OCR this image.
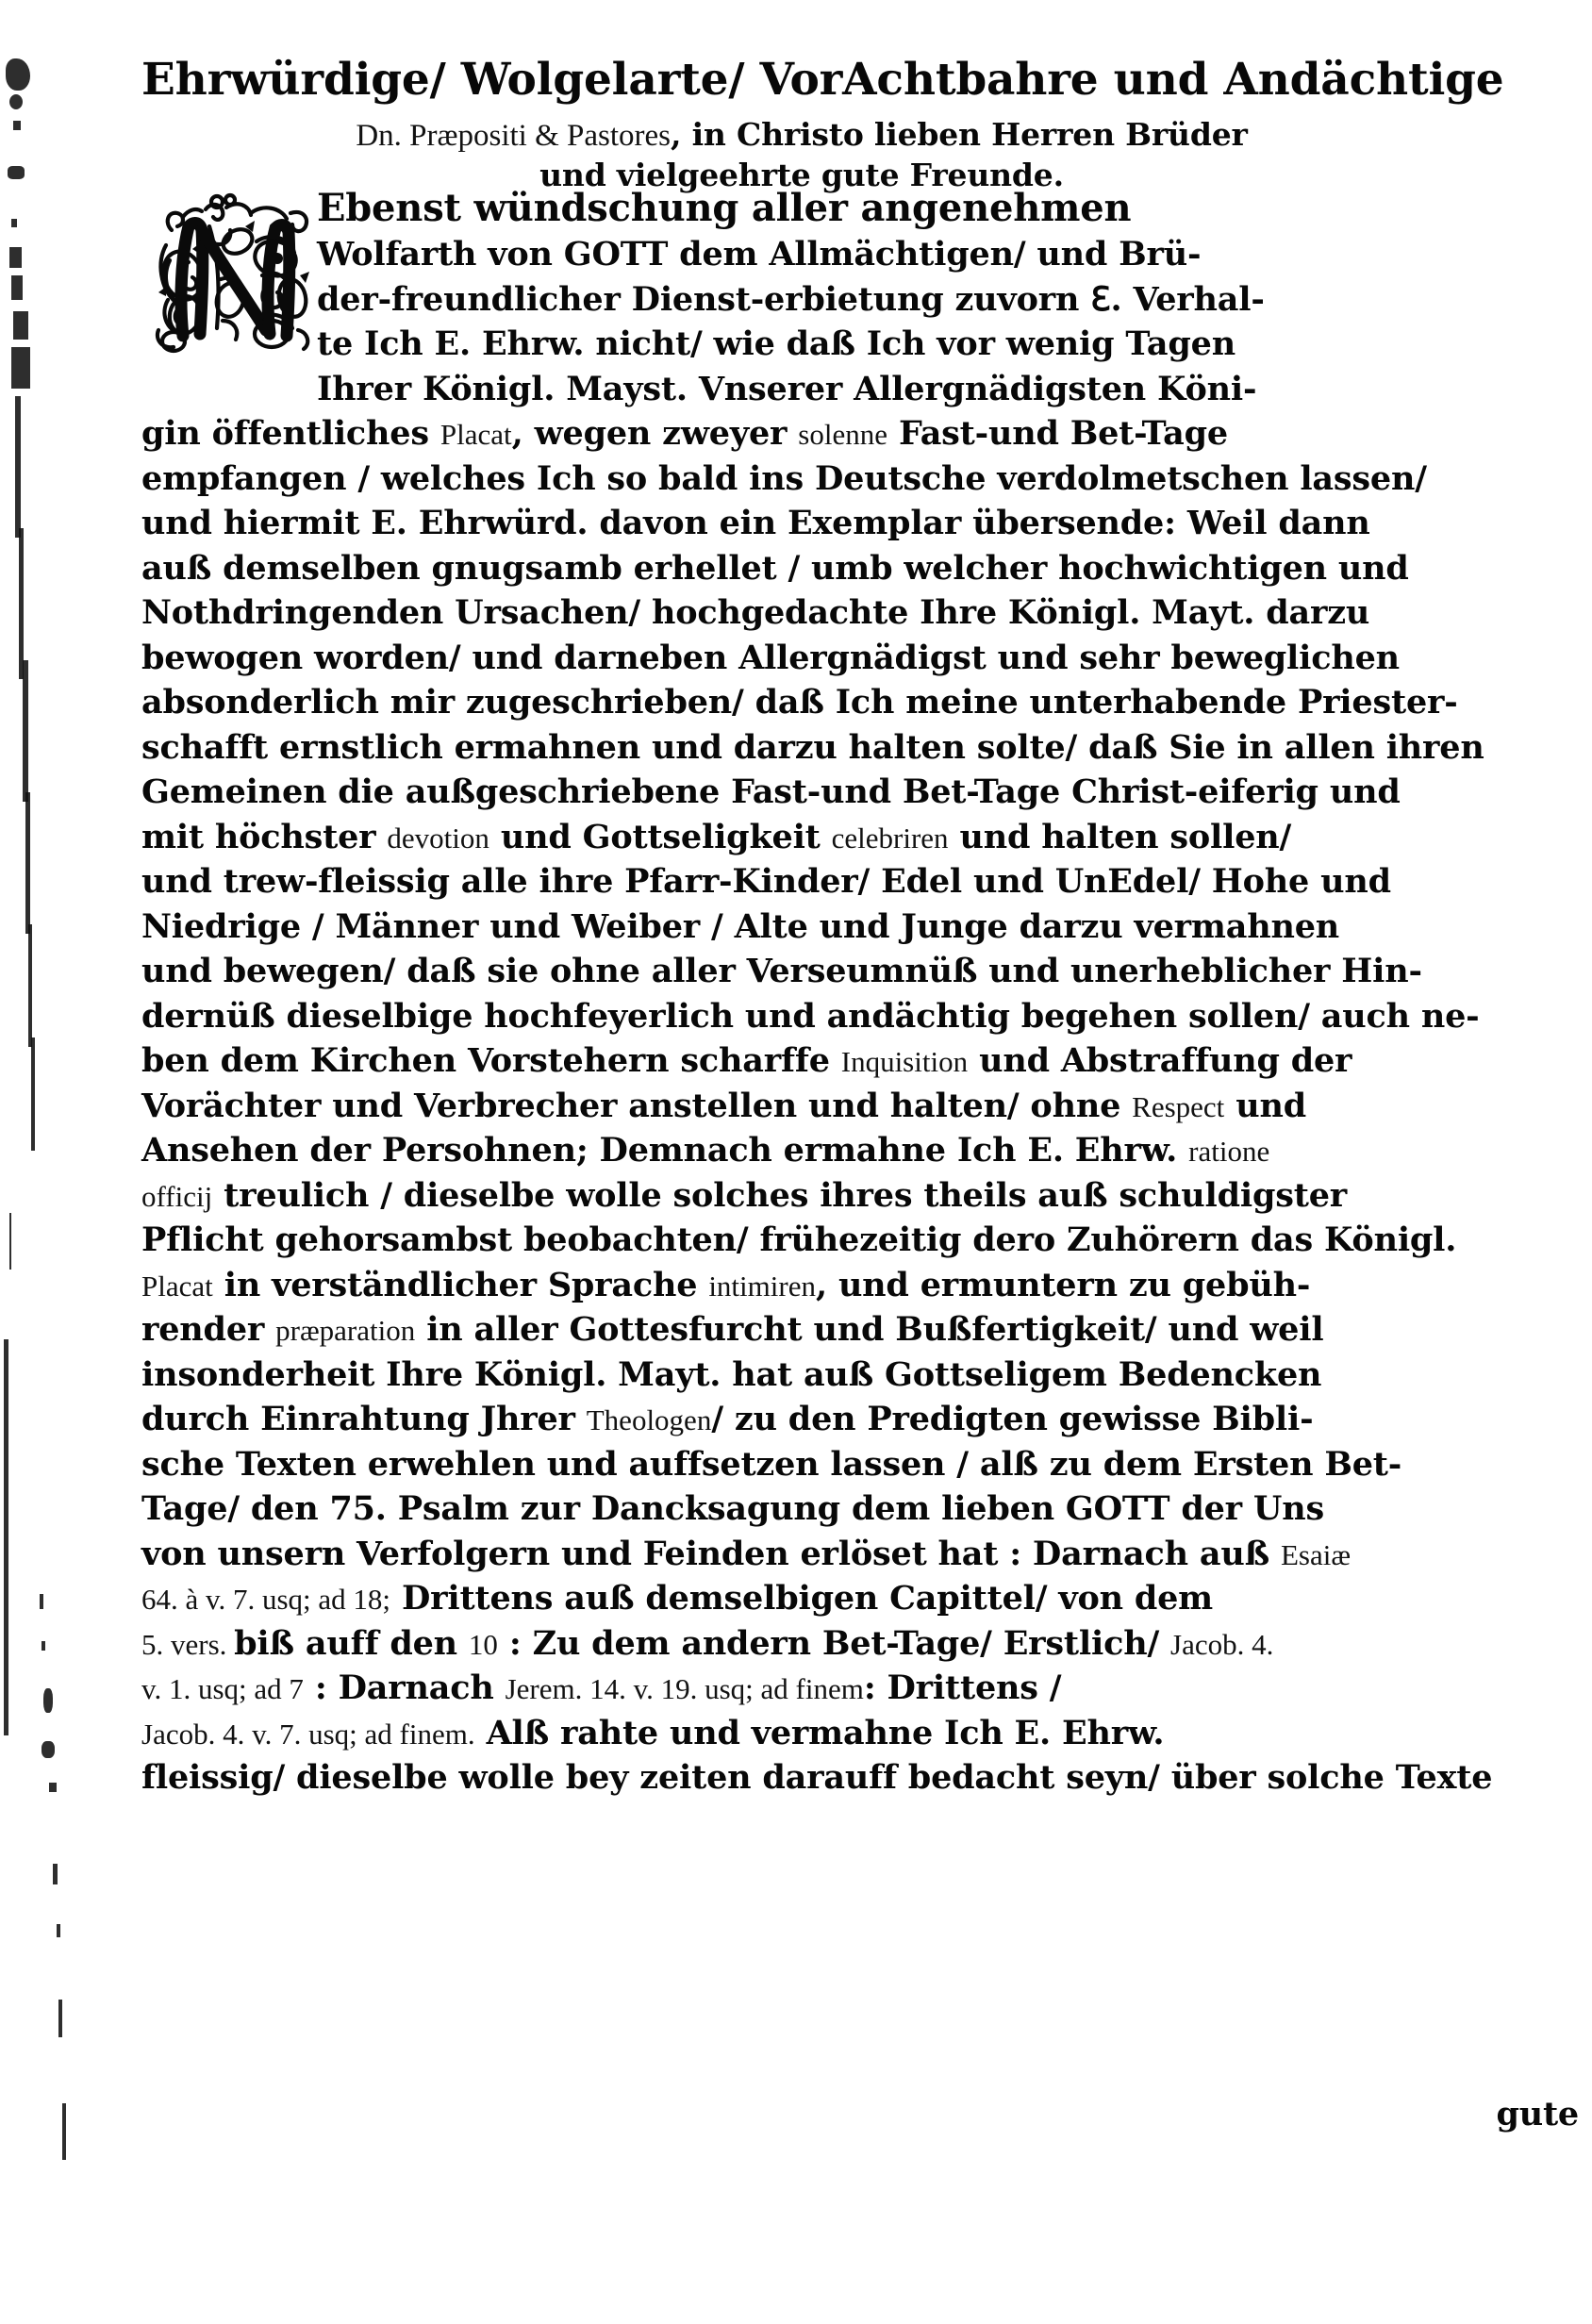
Ehrwürdige/ Wolgelarte/ VorAchtbahre und Andächtige
Dn. Præpositi & Pastores, in Christo lieben Herren Brüder
und vielgeehrte gute Freunde.
Ebenst wündschung aller angenehmen
Wolfarth von GOTT dem Allmächtigen/ und Brü‐
der‐freundlicher Dienst‐erbietung zuvorn ℇ. Verhal‐
te Ich E. Ehrw. nicht/ wie daß Ich vor wenig Tagen
Ihrer Königl. Mayst. Vnserer Allergnädigsten Köni‐
gin öffentliches Placat, wegen zweyer solenne Fast‐und Bet‐Tage
empfangen / welches Ich so bald ins Deutsche verdolmetschen lassen/
und hiermit E. Ehrwürd. davon ein Exemplar übersende: Weil dann
auß demselben gnugsamb erhellet / umb welcher hochwichtigen und
Nothdringenden Ursachen/ hochgedachte Ihre Königl. Mayt. darzu
bewogen worden/ und darneben Allergnädigst und sehr beweglichen
absonderlich mir zugeschrieben/ daß Ich meine unterhabende Priester‐
schafft ernstlich ermahnen und darzu halten solte/ daß Sie in allen ihren
Gemeinen die außgeschriebene Fast‐und Bet‐Tage Christ‐eiferig und
mit höchster devotion und Gottseligkeit celebriren und halten sollen/
und trew‐fleissig alle ihre Pfarr‐Kinder/ Edel und UnEdel/ Hohe und
Niedrige / Männer und Weiber / Alte und Junge darzu vermahnen
und bewegen/ daß sie ohne aller Verseumnüß und unerheblicher Hin‐
dernüß dieselbige hochfeyerlich und andächtig begehen sollen/ auch ne‐
ben dem Kirchen Vorstehern scharffe Inquisition und Abstraffung der
Vorächter und Verbrecher anstellen und halten/ ohne Respect und
Ansehen der Persohnen; Demnach ermahne Ich E. Ehrw. ratione
officij treulich / dieselbe wolle solches ihres theils auß schuldigster
Pflicht gehorsambst beobachten/ frühezeitig dero Zuhörern das Königl.
Placat in verständlicher Sprache intimiren, und ermuntern zu gebüh‐
render præparation in aller Gottesfurcht und Bußfertigkeit/ und weil
insonderheit Ihre Königl. Mayt. hat auß Gottseligem Bedencken
durch Einrahtung Jhrer Theologen/ zu den Predigten gewisse Bibli‐
sche Texten erwehlen und auffsetzen lassen / alß zu dem Ersten Bet‐
Tage/ den 75. Psalm zur Dancksagung dem lieben GOTT der Uns
von unsern Verfolgern und Feinden erlöset hat : Darnach auß Esaiæ
64. à v. 7. usq; ad 18; Drittens auß demselbigen Capittel/ von dem
5. vers. biß auff den 10 : Zu dem andern Bet‐Tage/ Erstlich/ Jacob. 4.
v. 1. usq; ad 7 : Darnach Jerem. 14. v. 19. usq; ad finem: Drittens /
Jacob. 4. v. 7. usq; ad finem. Alß rahte und vermahne Ich E. Ehrw.
fleissig/ dieselbe wolle bey zeiten darauff bedacht seyn/ über solche Texte
gute
